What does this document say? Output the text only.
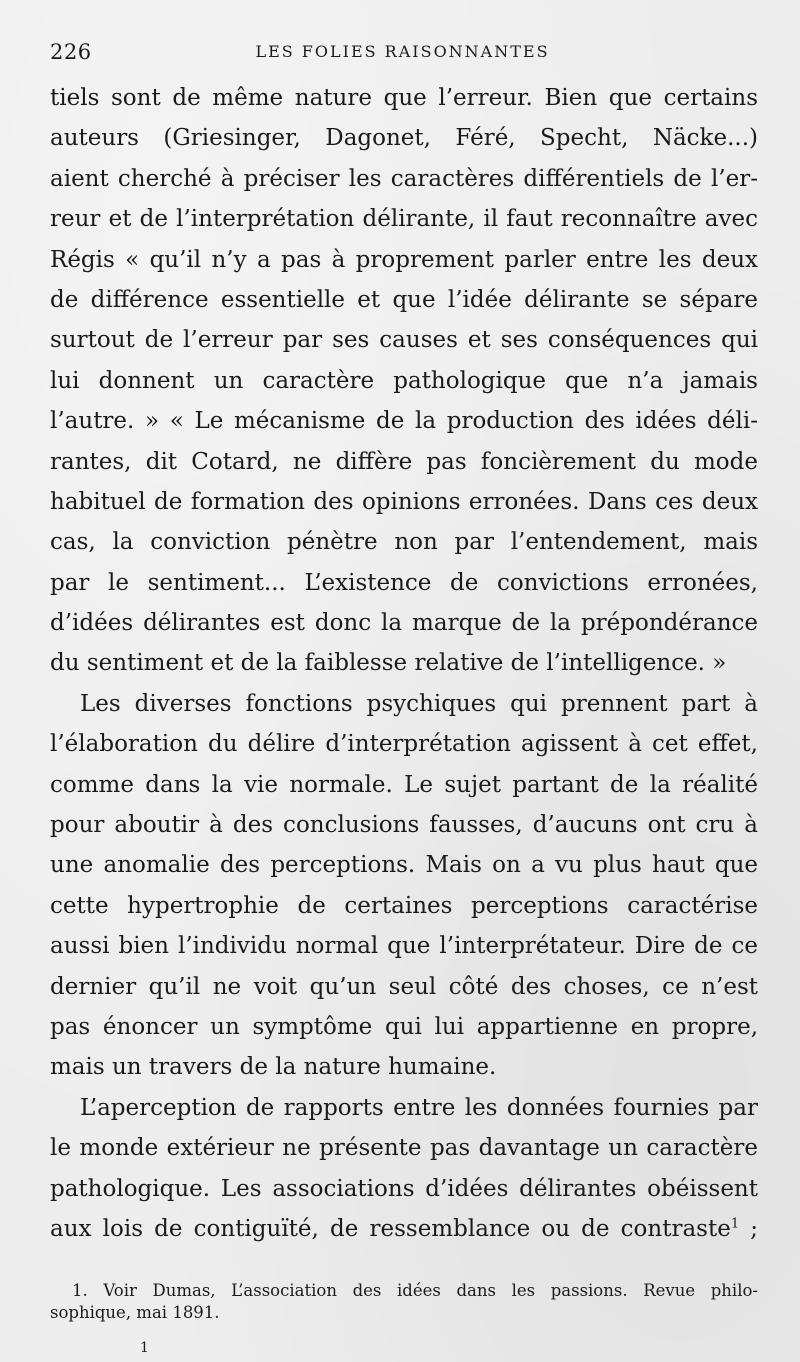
226	LES FOLIES RAISONNANTES
tiels sont de même nature que l’erreur. Bien que certains
auteurs (Griesinger, Dagonet, Féré, Specht, Näcke...)
aient cherché à préciser les caractères différentiels de l’er-
reur et de l’interprétation délirante, il faut reconnaître avec
Régis « qu’il n’y a pas à proprement parler entre les deux
de différence essentielle et que l’idée délirante se sépare
surtout de l’erreur par ses causes et ses conséquences qui
lui donnent un caractère pathologique que n’a jamais
l’autre. » « Le mécanisme de la production des idées déli-
rantes, dit Cotard, ne diffère pas foncièrement du mode
habituel de formation des opinions erronées. Dans ces deux
cas, la conviction pénètre non par l’entendement, mais
par le sentiment... L’existence de convictions erronées,
d’idées délirantes est donc la marque de la prépondérance
du sentiment et de la faiblesse relative de l’intelligence. »
Les diverses fonctions psychiques qui prennent part à
l’élaboration du délire d’interprétation agissent à cet effet,
comme dans la vie normale. Le sujet partant de la réalité
pour aboutir à des conclusions fausses, d’aucuns ont cru à
une anomalie des perceptions. Mais on a vu plus haut que
cette hypertrophie de certaines perceptions caractérise
aussi bien l’individu normal que l’interprétateur. Dire de ce
dernier qu’il ne voit qu’un seul côté des choses, ce n’est
pas énoncer un symptôme qui lui appartienne en propre,
mais un travers de la nature humaine.
L’aperception de rapports entre les données fournies par
le monde extérieur ne présente pas davantage un caractère
pathologique. Les associations d’idées délirantes obéissent
aux lois de contiguïté, de ressemblance ou de contraste$^1$ ;
1. Voir Dumas, L’association des idées dans les passions. Revue philo-
sophique, mai 1891.
1
